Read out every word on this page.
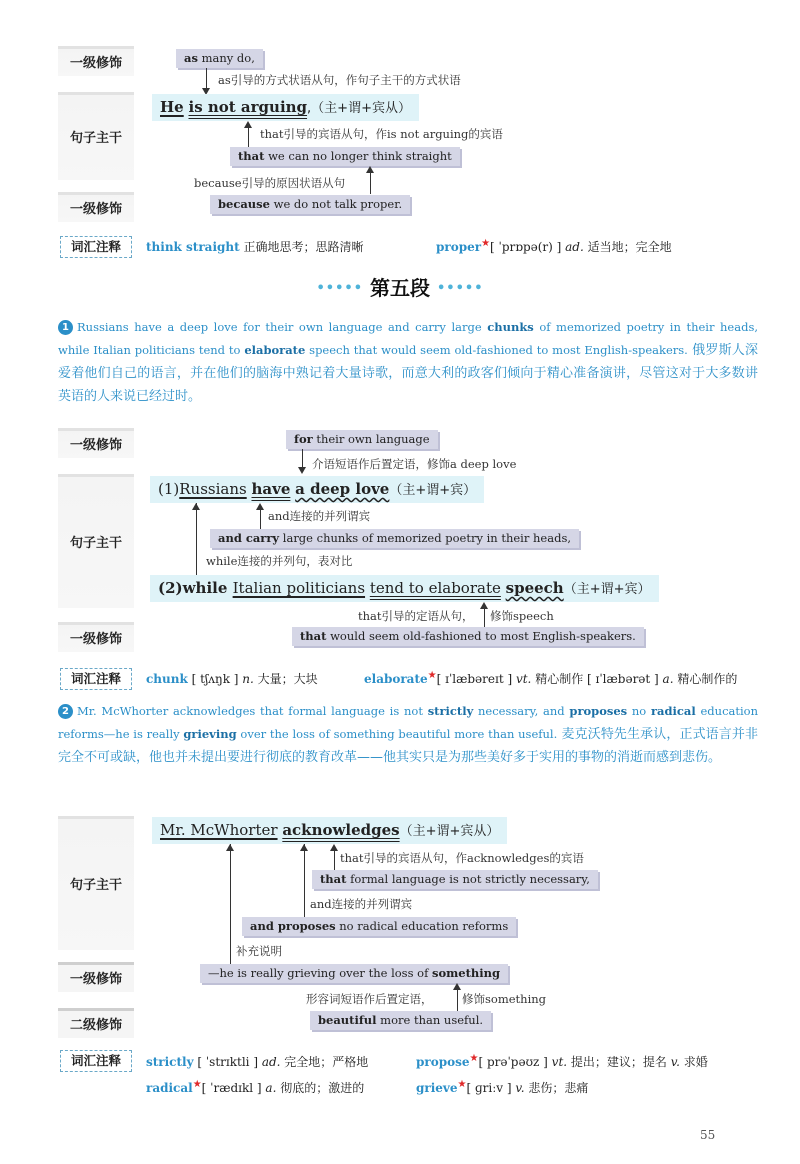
一级修饰
句子主干
一级修饰
as many do,
as引导的方式状语从句，作句子主干的方式状语
He is not arguing,（主+谓+宾从）
that引导的宾语从句，作is not arguing的宾语
that we can no longer think straight
because引导的原因状语从句
because we do not talk proper.
词汇注释	think straight 正确地思考；思路清晰	proper★[ ˈprɒpə(r) ] ad. 适当地；完全地
••••• 第五段 •••••
1 Russians have a deep love for their own language and carry large chunks of memorized poetry in their heads, while Italian politicians tend to elaborate speech that would seem old-fashioned to most English-speakers. 俄罗斯人深爱着他们自己的语言，并在他们的脑海中熟记着大量诗歌，而意大利的政客们倾向于精心准备演讲，尽管这对于大多数讲英语的人来说已经过时。
一级修饰
句子主干
一级修饰
for their own language
介语短语作后置定语，修饰a deep love
(1)Russians have a deep love（主+谓+宾）
and连接的并列谓宾
and carry large chunks of memorized poetry in their heads,
while连接的并列句，表对比
(2)while Italian politicians tend to elaborate speech（主+谓+宾）
that引导的定语从句， 修饰speech
that would seem old-fashioned to most English-speakers.
词汇注释	chunk [ tʃʌŋk ] n. 大量；大块	elaborate★[ ɪˈlæbəreɪt ] vt. 精心制作 [ ɪˈlæbərət ] a. 精心制作的
2 Mr. McWhorter acknowledges that formal language is not strictly necessary, and proposes no radical education reforms—he is really grieving over the loss of something beautiful more than useful. 麦克沃特先生承认，正式语言并非完全不可或缺，他也并未提出要进行彻底的教育改革——他其实只是为那些美好多于实用的事物的消逝而感到悲伤。
句子主干
一级修饰
二级修饰
Mr. McWhorter acknowledges（主+谓+宾从）
that引导的宾语从句，作acknowledges的宾语
that formal language is not strictly necessary,
and连接的并列谓宾
and proposes no radical education reforms
补充说明
—he is really grieving over the loss of something
形容词短语作后置定语，	修饰something
beautiful more than useful.
词汇注释	strictly [ ˈstrɪktli ] ad. 完全地；严格地	propose★[ prəˈpəʊz ] vt. 提出；建议；提名 v. 求婚
radical★[ ˈrædɪkl ] a. 彻底的；激进的	grieve★[ ɡriːv ] v. 悲伤；悲痛
55
